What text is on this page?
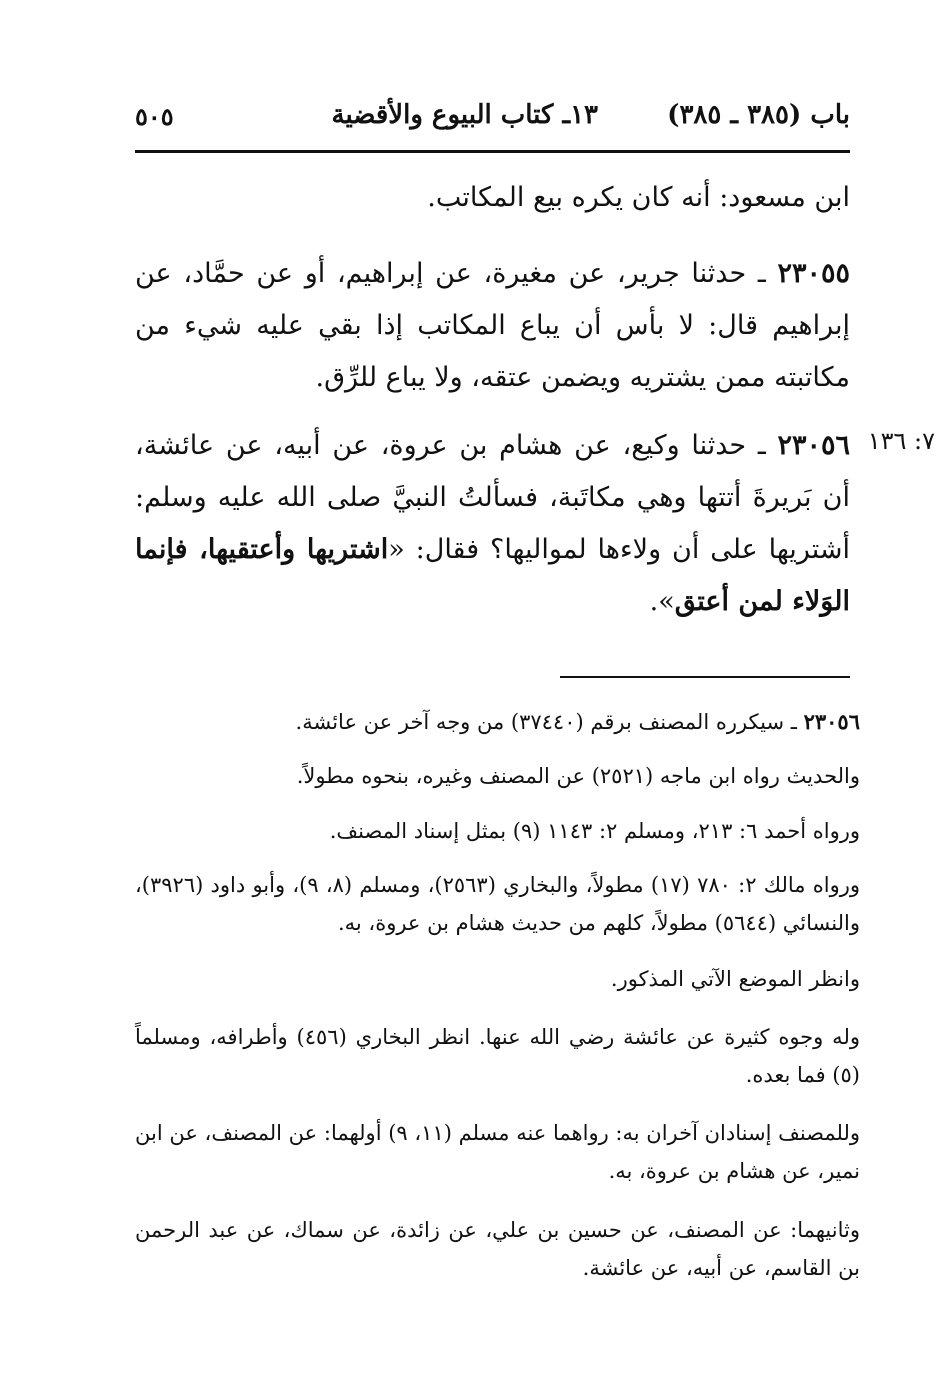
باب (٣٨٥ ـ ٣٨٥)
١٣ـ كتاب البيوع والأقضية
٥٠٥

ابن مسعود: أنه كان يكره بيع المكاتب.

٢٣٠٥٥ ـ حدثنا جرير، عن مغيرة، عن إبراهيم، أو عن حمَّاد، عن إبراهيم قال: لا بأس أن يباع المكاتب إذا بقي عليه شيء من مكاتبته ممن يشتريه ويضمن عتقه، ولا يباع للرِّق.

٧: ١٣٦

٢٣٠٥٦ ـ حدثنا وكيع، عن هشام بن عروة، عن أبيه، عن عائشة، أن بَريرةَ أتتها وهي مكاتَبة، فسألتُ النبيَّ صلى الله عليه وسلم: أشتريها على أن ولاءها لمواليها؟ فقال: «اشتريها وأعتقيها، فإنما الوَلاء لمن أعتق».

٢٣٠٥٦ ـ سيكرره المصنف برقم (٣٧٤٤٠) من وجه آخر عن عائشة.

والحديث رواه ابن ماجه (٢٥٢١) عن المصنف وغيره، بنحوه مطولاً.

ورواه أحمد ٦: ٢١٣، ومسلم ٢: ١١٤٣ (٩) بمثل إسناد المصنف.

ورواه مالك ٢: ٧٨٠ (١٧) مطولاً، والبخاري (٢٥٦٣)، ومسلم (٨، ٩)، وأبو داود (٣٩٢٦)، والنسائي (٥٦٤٤) مطولاً، كلهم من حديث هشام بن عروة، به.

وانظر الموضع الآتي المذكور.

وله وجوه كثيرة عن عائشة رضي الله عنها. انظر البخاري (٤٥٦) وأطرافه، ومسلماً (٥) فما بعده.

وللمصنف إسنادان آخران به: رواهما عنه مسلم (١١، ٩) أولهما: عن المصنف، عن ابن نمير، عن هشام بن عروة، به.

وثانيهما: عن المصنف، عن حسين بن علي، عن زائدة، عن سماك، عن عبد الرحمن بن القاسم، عن أبيه، عن عائشة.
